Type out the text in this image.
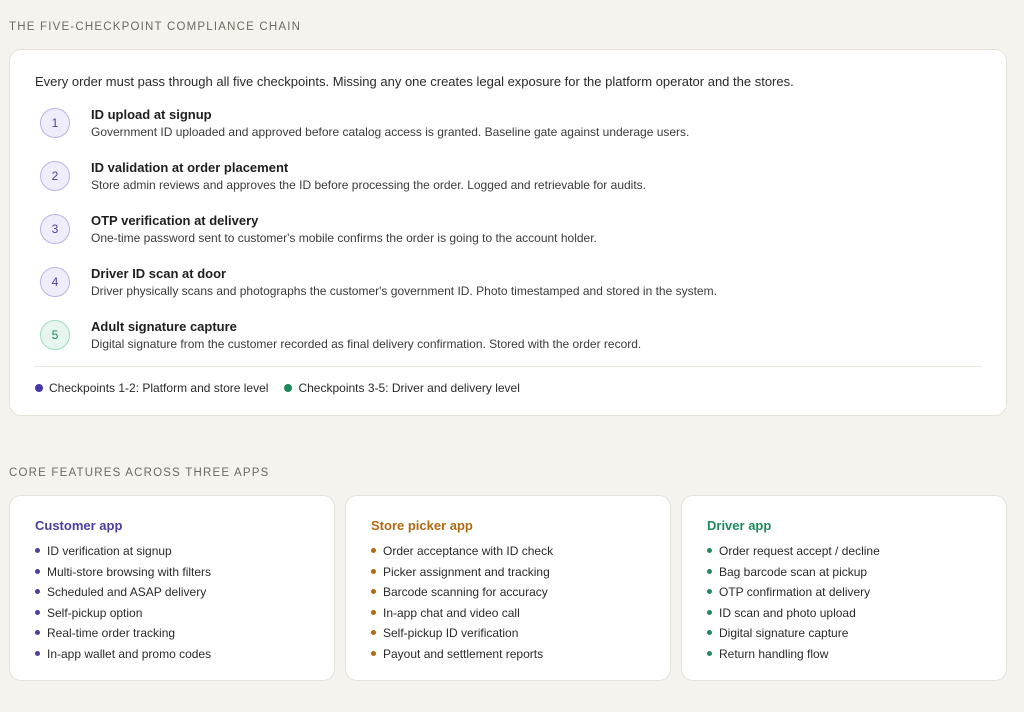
THE FIVE-CHECKPOINT COMPLIANCE CHAIN
Every order must pass through all five checkpoints. Missing any one creates legal exposure for the platform operator and the stores.
1
ID upload at signup
Government ID uploaded and approved before catalog access is granted. Baseline gate against underage users.
2
ID validation at order placement
Store admin reviews and approves the ID before processing the order. Logged and retrievable for audits.
3
OTP verification at delivery
One-time password sent to customer's mobile confirms the order is going to the account holder.
4
Driver ID scan at door
Driver physically scans and photographs the customer's government ID. Photo timestamped and stored in the system.
5
Adult signature capture
Digital signature from the customer recorded as final delivery confirmation. Stored with the order record.
Checkpoints 1-2: Platform and store level	Checkpoints 3-5: Driver and delivery level
CORE FEATURES ACROSS THREE APPS
Customer app
ID verification at signup
Multi-store browsing with filters
Scheduled and ASAP delivery
Self-pickup option
Real-time order tracking
In-app wallet and promo codes
Store picker app
Order acceptance with ID check
Picker assignment and tracking
Barcode scanning for accuracy
In-app chat and video call
Self-pickup ID verification
Payout and settlement reports
Driver app
Order request accept / decline
Bag barcode scan at pickup
OTP confirmation at delivery
ID scan and photo upload
Digital signature capture
Return handling flow
